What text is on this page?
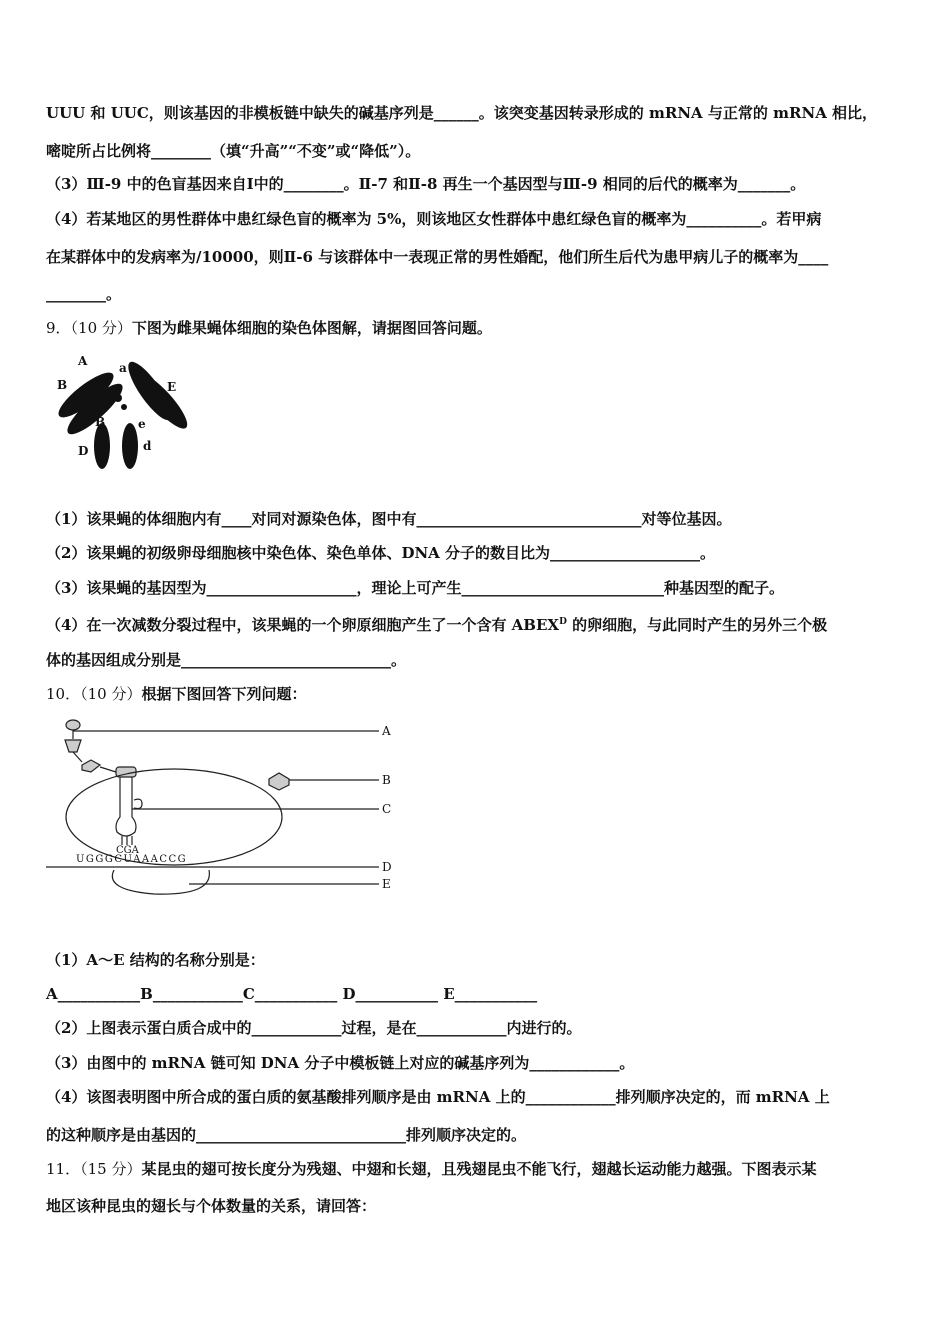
UUU 和 UUC，则该基因的非模板链中缺失的碱基序列是______。该突变基因转录形成的 mRNA 与正常的 mRNA 相比，
嘧啶所占比例将________（填“升高”“不变”或“降低”）。
（3）Ⅲ-9 中的色盲基因来自Ⅰ中的________。Ⅱ-7 和Ⅱ-8 再生一个基因型与Ⅲ-9 相同的后代的概率为_______。
（4）若某地区的男性群体中患红绿色盲的概率为 5%，则该地区女性群体中患红绿色盲的概率为__________。若甲病
在某群体中的发病率为/10000，则Ⅱ-6 与该群体中一表现正常的男性婚配，他们所生后代为患甲病儿子的概率为____
________。
9．（10 分）下图为雌果蝇体细胞的染色体图解，请据图回答问题。
A	a
B	E
B	e
D	d
（1）该果蝇的体细胞内有____对同对源染色体，图中有______________________________对等位基因。
（2）该果蝇的初级卵母细胞核中染色体、染色单体、DNA 分子的数目比为____________________。
（3）该果蝇的基因型为____________________，理论上可产生___________________________种基因型的配子。
（4）在一次减数分裂过程中，该果蝇的一个卵原细胞产生了一个含有 $ABEX^D$ 的卵细胞，与此同时产生的另外三个极
体的基因组成分别是____________________________。
10．（10 分）根据下图回答下列问题：
CGA
UGGGCUAAACCG
A
B
C
D
E
（1）A～E 结构的名称分别是：
A___________B____________C___________ D___________ E___________
（2）上图表示蛋白质合成中的____________过程，是在____________内进行的。
（3）由图中的 mRNA 链可知 DNA 分子中模板链上对应的碱基序列为____________。
（4）该图表明图中所合成的蛋白质的氨基酸排列顺序是由 mRNA 上的____________排列顺序决定的，而 mRNA 上
的这种顺序是由基因的____________________________排列顺序决定的。
11．（15 分）某昆虫的翅可按长度分为残翅、中翅和长翅，且残翅昆虫不能飞行，翅越长运动能力越强。下图表示某
地区该种昆虫的翅长与个体数量的关系，请回答：
